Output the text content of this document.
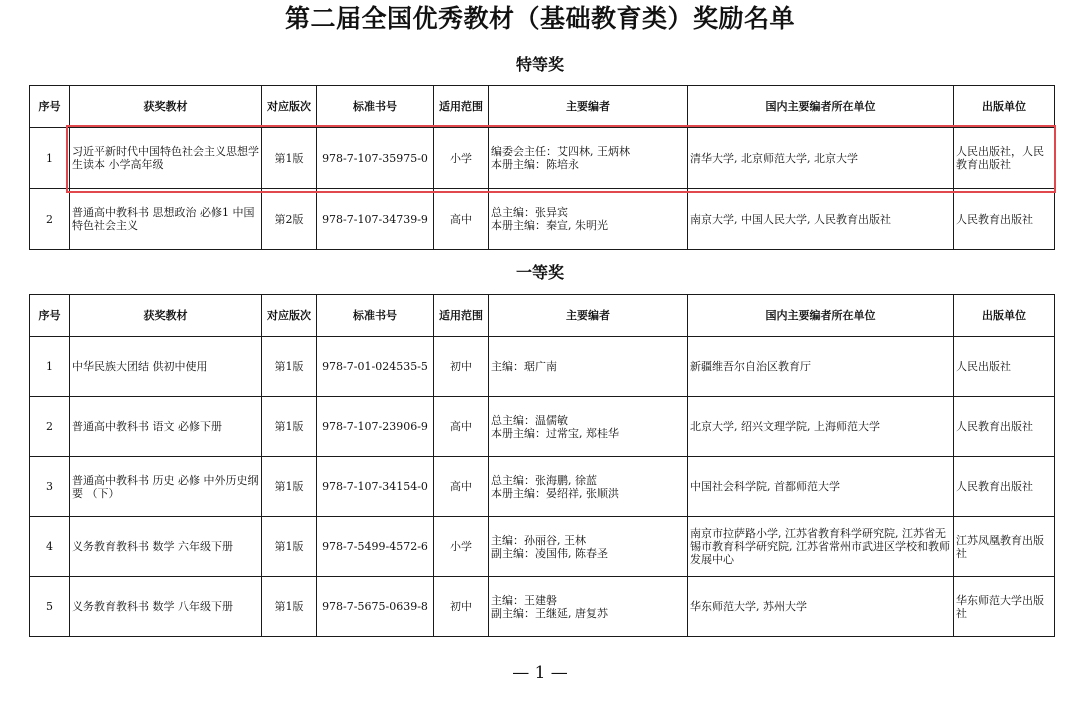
第二届全国优秀教材（基础教育类）奖励名单
特等奖
序号	获奖教材	对应版次	标准书号	适用范围	主要编者	国内主要编者所在单位	出版单位
1	习近平新时代中国特色社会主义思想学生读本 小学高年级	第1版	978-7-107-35975-0	小学	编委会主任：艾四林, 王炳林
本册主编：陈培永	清华大学, 北京师范大学, 北京大学	人民出版社，人民教育出版社
2	普通高中教科书 思想政治 必修1 中国特色社会主义	第2版	978-7-107-34739-9	高中	总主编：张异宾
本册主编：秦宣, 朱明光	南京大学, 中国人民大学, 人民教育出版社	人民教育出版社
一等奖
序号	获奖教材	对应版次	标准书号	适用范围	主要编者	国内主要编者所在单位	出版单位
1	中华民族大团结 供初中使用	第1版	978-7-01-024535-5	初中	主编：琚广南	新疆维吾尔自治区教育厅	人民出版社
2	普通高中教科书 语文 必修下册	第1版	978-7-107-23906-9	高中	总主编：温儒敏
本册主编：过常宝, 郑桂华	北京大学, 绍兴文理学院, 上海师范大学	人民教育出版社
3	普通高中教科书 历史 必修 中外历史纲要 （下）	第1版	978-7-107-34154-0	高中	总主编：张海鹏, 徐蓝
本册主编：晏绍祥, 张顺洪	中国社会科学院, 首都师范大学	人民教育出版社
4	义务教育教科书 数学 六年级下册	第1版	978-7-5499-4572-6	小学	主编：孙丽谷, 王林
副主编：凌国伟, 陈春圣	南京市拉萨路小学, 江苏省教育科学研究院, 江苏省无锡市教育科学研究院, 江苏省常州市武进区学校和教师发展中心	江苏凤凰教育出版社
5	义务教育教科书 数学 八年级下册	第1版	978-7-5675-0639-8	初中	主编：王建磐
副主编：王继延, 唐复苏	华东师范大学, 苏州大学	华东师范大学出版社
— 1 —
